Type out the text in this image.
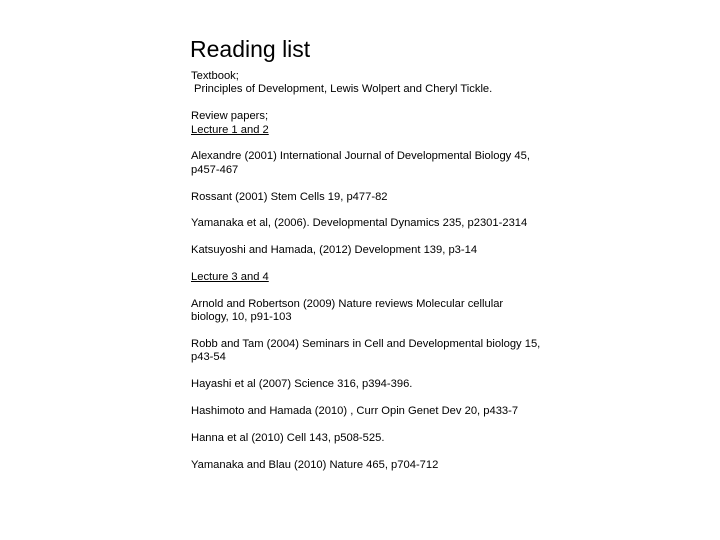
Reading list
Textbook;
Principles of Development, Lewis Wolpert and Cheryl Tickle.
Review papers;
Lecture 1 and 2
Alexandre (2001) International Journal of Developmental Biology 45, p457-467
Rossant (2001) Stem Cells 19, p477-82
Yamanaka et al, (2006). Developmental Dynamics 235, p2301-2314
Katsuyoshi and Hamada, (2012) Development 139, p3-14
Lecture 3 and 4
Arnold and Robertson (2009) Nature reviews Molecular cellular biology, 10, p91-103
Robb and Tam (2004) Seminars in Cell and Developmental biology 15, p43-54
Hayashi et al (2007) Science 316, p394-396.
Hashimoto and Hamada (2010) , Curr Opin Genet Dev 20, p433-7
Hanna et al (2010) Cell 143, p508-525.
Yamanaka and Blau (2010) Nature 465, p704-712
